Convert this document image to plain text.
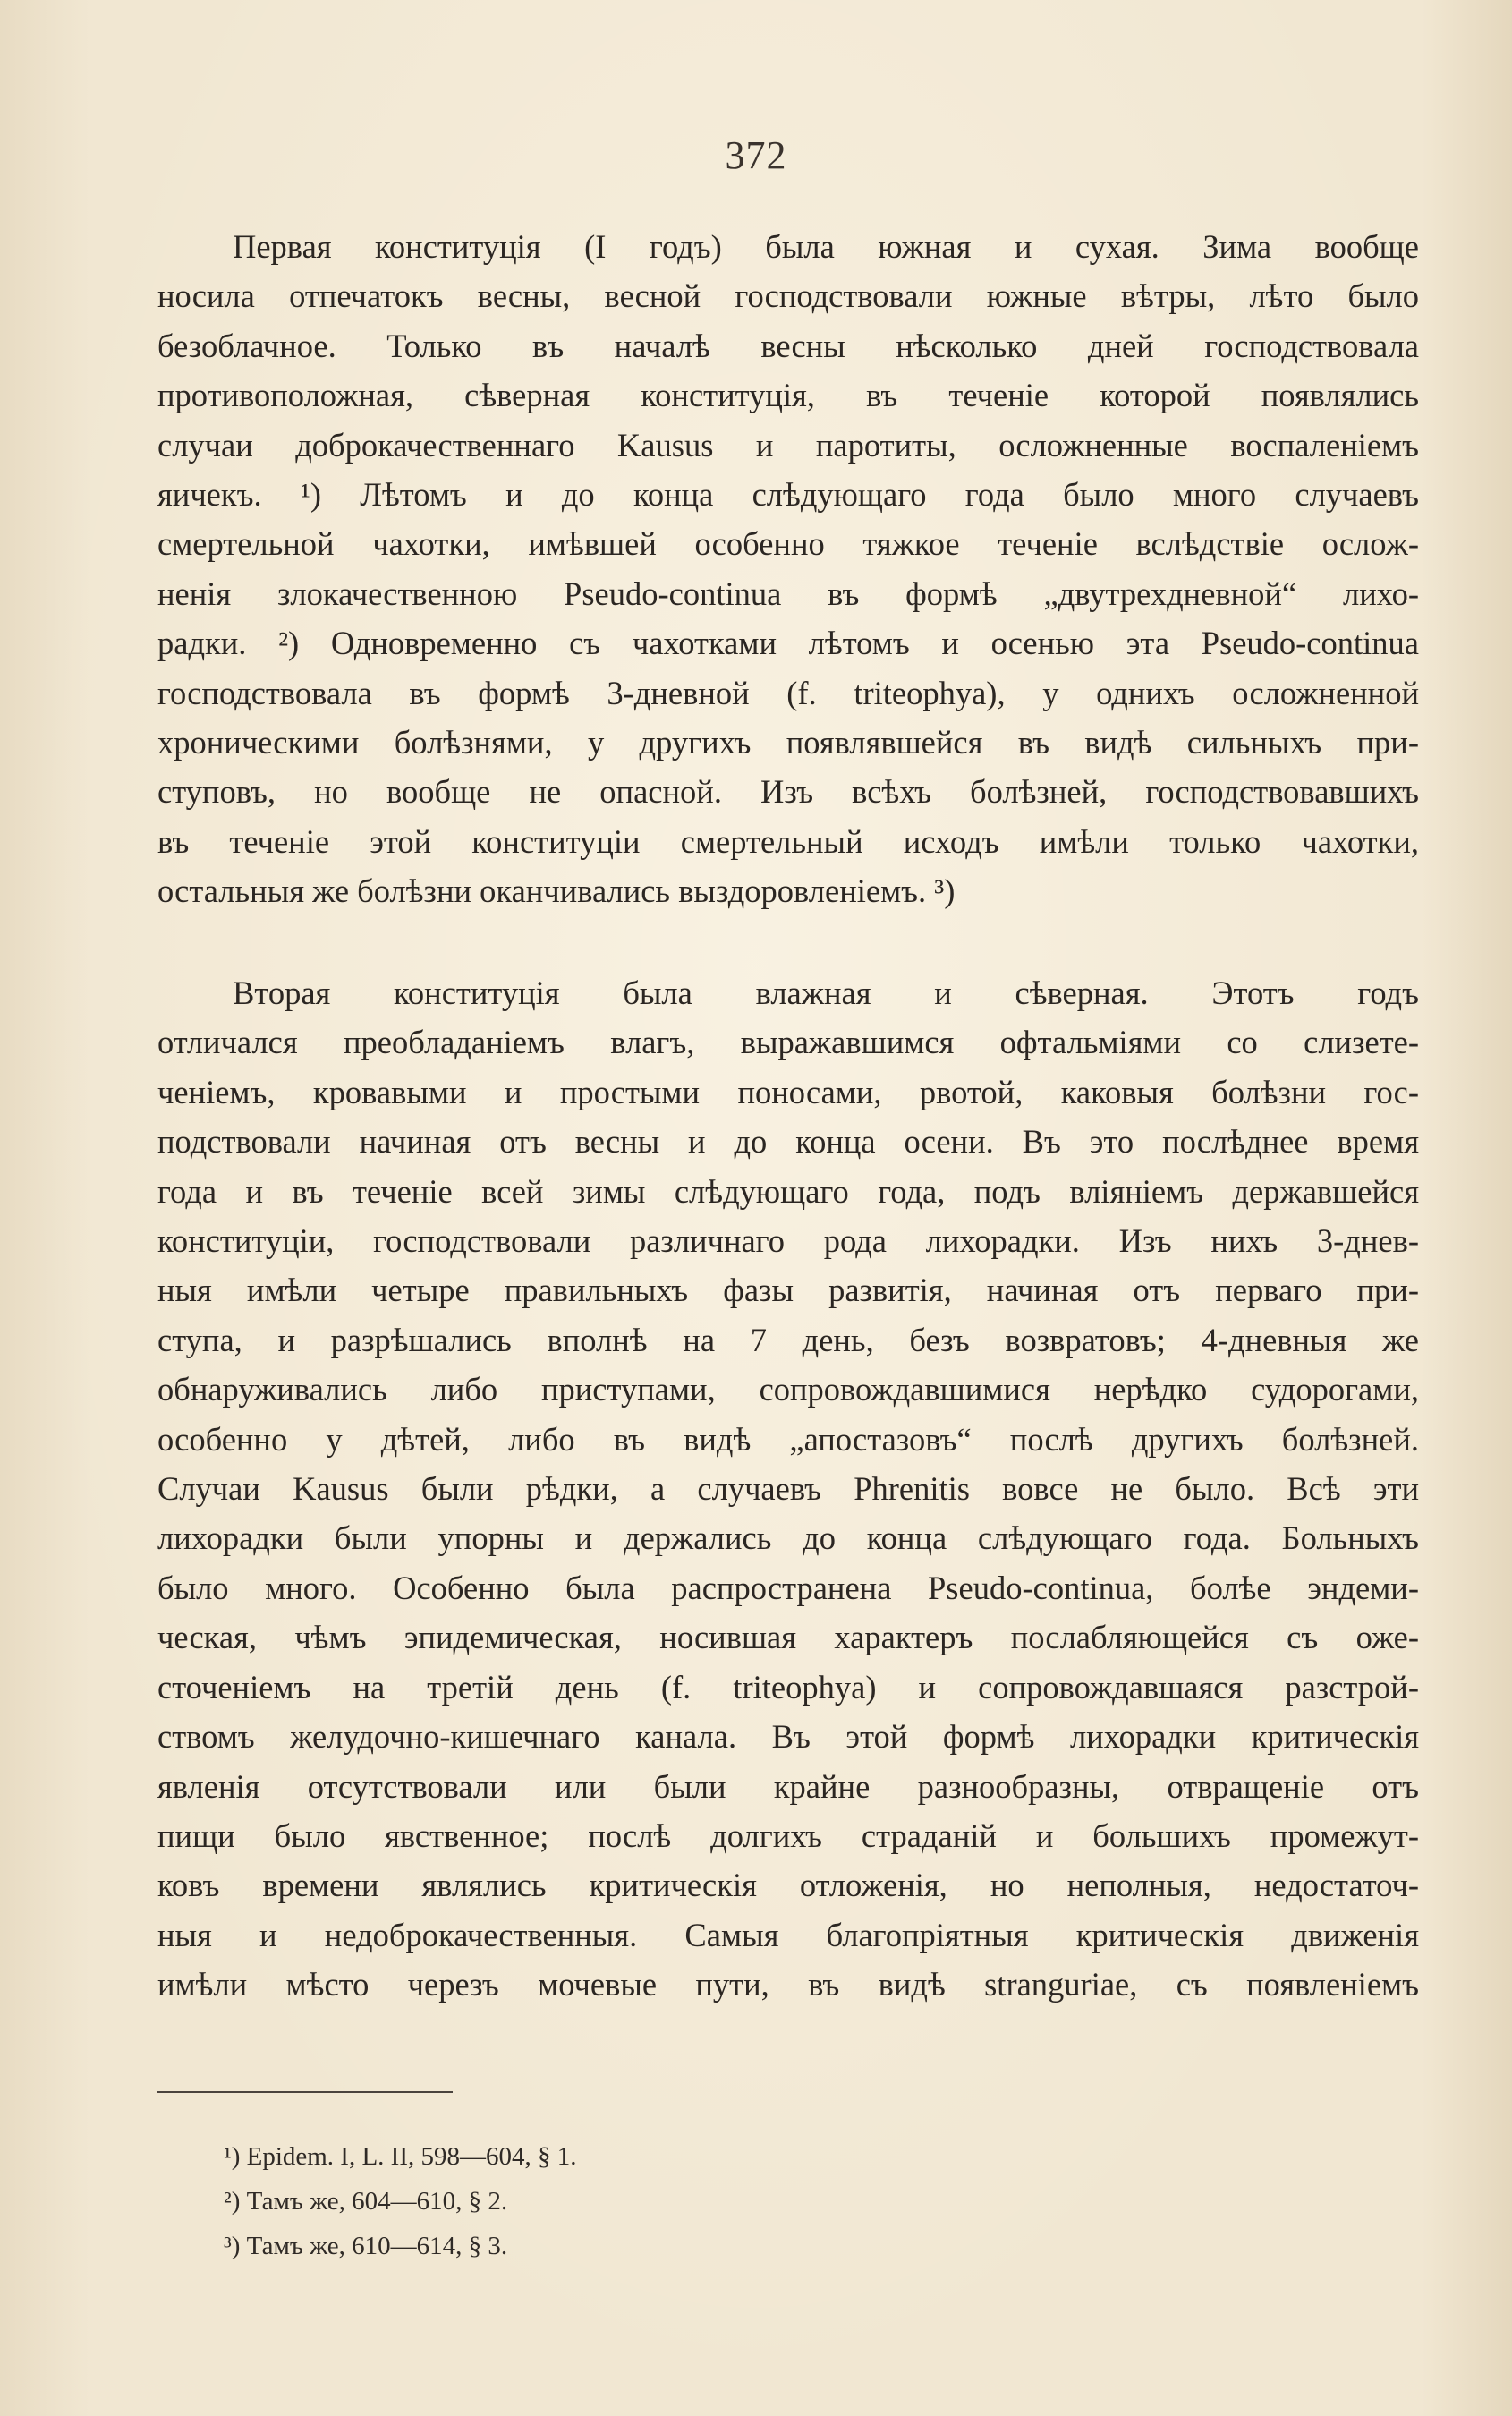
372
Первая конституція (I годъ) была южная и сухая. Зима вообще
носила отпечатокъ весны, весной господствовали южные вѣтры, лѣто было
безоблачное. Только въ началѣ весны нѣсколько дней господствовала
противоположная, сѣверная конституція, въ теченіе которой появлялись
случаи доброкачественнаго Kausus и паротиты, осложненные воспаленіемъ
яичекъ. ¹) Лѣтомъ и до конца слѣдующаго года было много случаевъ
смертельной чахотки, имѣвшей особенно тяжкое теченіе вслѣдствіе ослож-
ненія злокачественною Pseudo-continua въ формѣ „двутрехдневной“ лихо-
радки. ²) Одновременно съ чахотками лѣтомъ и осенью эта Pseudo-continua
господствовала въ формѣ 3-дневной (f. triteophya), у однихъ осложненной
хроническими болѣзнями, у другихъ появлявшейся въ видѣ сильныхъ при-
ступовъ, но вообще не опасной. Изъ всѣхъ болѣзней, господствовавшихъ
въ теченіе этой конституціи смертельный исходъ имѣли только чахотки,
остальныя же болѣзни оканчивались выздоровленіемъ. ³)
Вторая конституція была влажная и сѣверная. Этотъ годъ
отличался преобладаніемъ влагъ, выражавшимся офтальміями со слизете-
ченіемъ, кровавыми и простыми поносами, рвотой, каковыя болѣзни гос-
подствовали начиная отъ весны и до конца осени. Въ это послѣднее время
года и въ теченіе всей зимы слѣдующаго года, подъ вліяніемъ державшейся
конституціи, господствовали различнаго рода лихорадки. Изъ нихъ 3-днев-
ныя имѣли четыре правильныхъ фазы развитія, начиная отъ перваго при-
ступа, и разрѣшались вполнѣ на 7 день, безъ возвратовъ; 4-дневныя же
обнаруживались либо приступами, сопровождавшимися нерѣдко судорогами,
особенно у дѣтей, либо въ видѣ „апостазовъ“ послѣ другихъ болѣзней.
Случаи Kausus были рѣдки, а случаевъ Phrenitis вовсе не было. Всѣ эти
лихорадки были упорны и держались до конца слѣдующаго года. Больныхъ
было много. Особенно была распространена Pseudo-continua, болѣе эндеми-
ческая, чѣмъ эпидемическая, носившая характеръ послабляющейся съ оже-
сточеніемъ на третій день (f. triteophya) и сопровождавшаяся разстрой-
ствомъ желудочно-кишечнаго канала. Въ этой формѣ лихорадки критическія
явленія отсутствовали или были крайне разнообразны, отвращеніе отъ
пищи было явственное; послѣ долгихъ страданій и большихъ промежут-
ковъ времени являлись критическія отложенія, но неполныя, недостаточ-
ныя и недоброкачественныя. Самыя благопріятныя критическія движенія
имѣли мѣсто черезъ мочевые пути, въ видѣ stranguriae, съ появленіемъ
¹) Epidem. I, L. II, 598—604, § 1.
²) Тамъ же, 604—610, § 2.
³) Тамъ же, 610—614, § 3.
